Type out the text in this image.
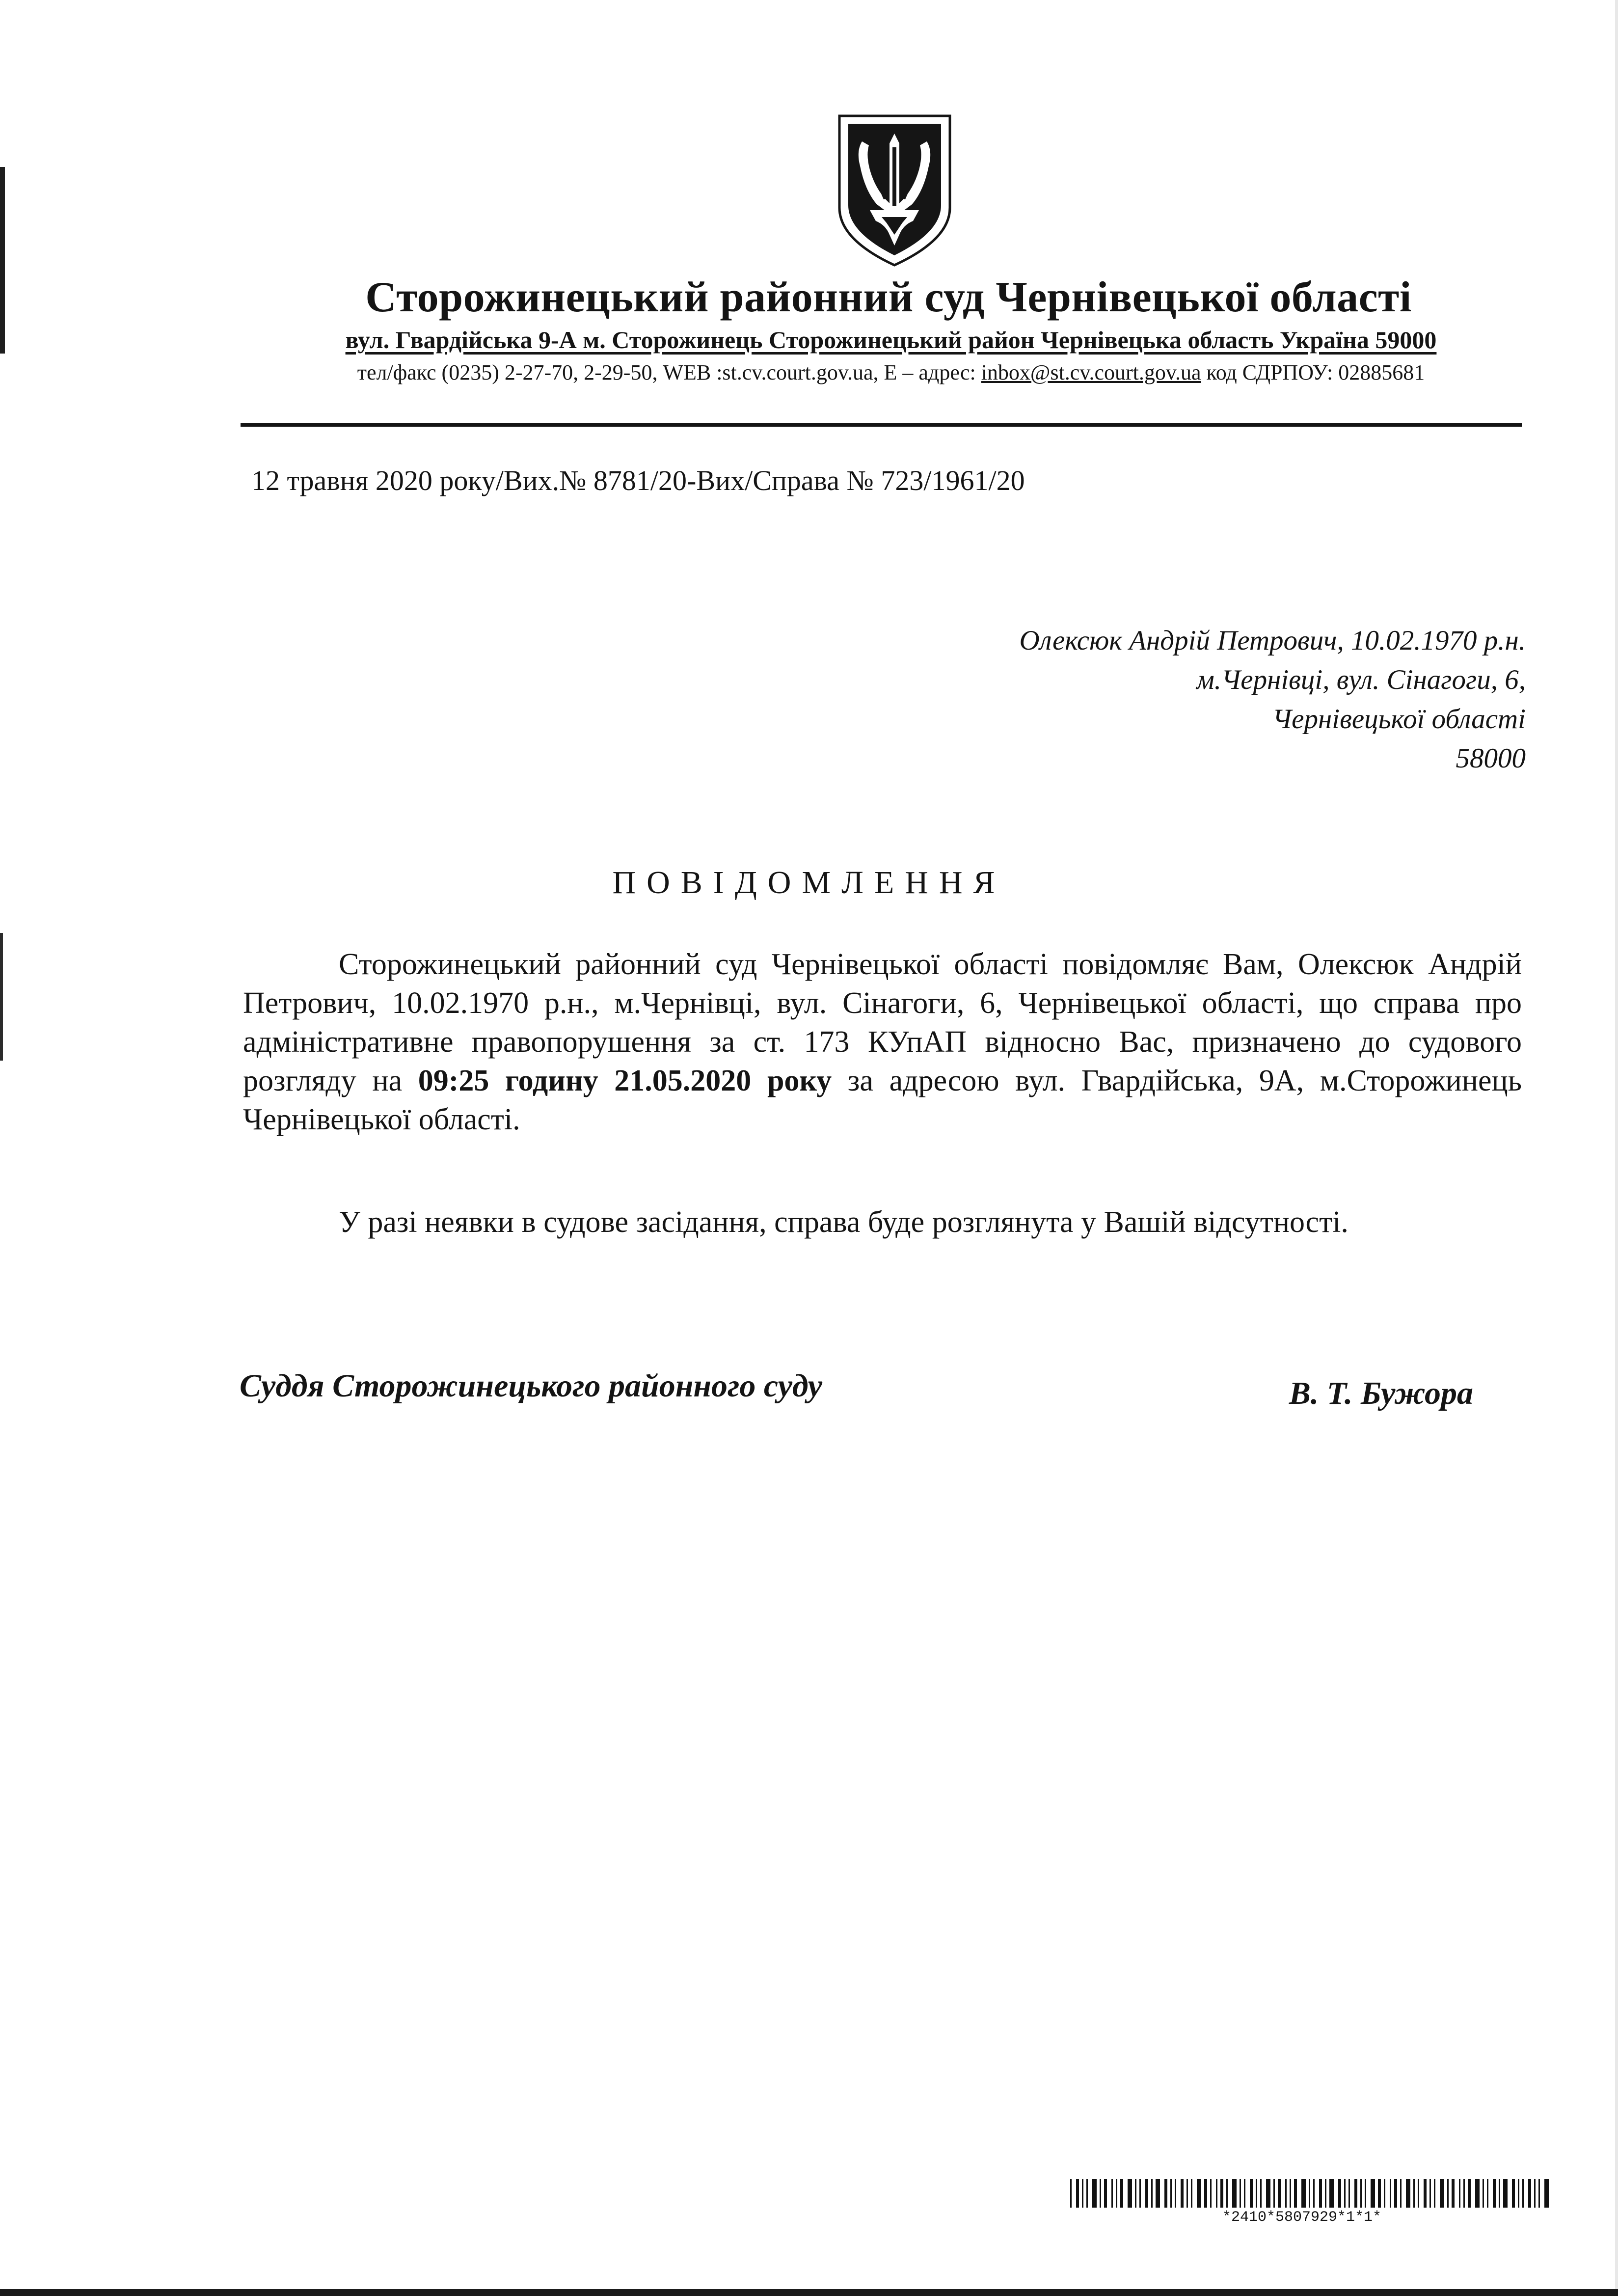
Сторожинецький районний суд Чернівецької області
вул. Гвардійська 9-А м. Сторожинець Сторожинецький район Чернівецька область Україна 59000
тел/факс (0235) 2-27-70, 2-29-50, WEB :st.cv.court.gov.ua, E – адрес: inbox@st.cv.court.gov.ua код СДРПОУ: 02885681
12 травня 2020 року/Вих.№ 8781/20-Вих/Справа № 723/1961/20
Олексюк Андрій Петрович, 10.02.1970 р.н.
м.Чернівці, вул. Сінагоги, 6,
Чернівецької області
58000
ПОВІДОМЛЕННЯ

Сторожинецький районний суд Чернівецької області повідомляє Вам, Олексюк Андрій Петрович, 10.02.1970 р.н., м.Чернівці, вул. Сінагоги, 6, Чернівецької області, що справа про адміністративне правопорушення за ст. 173 КУпАП відносно Вас, призначено до судового розгляду на 09:25 годину 21.05.2020 року за адресою вул. Гвардійська, 9А, м.Сторожинець Чернівецької області.

У разі неявки в судове засідання, справа буде розглянута у Вашій відсутності.

Суддя Сторожинецького районного суду	В. Т. Бужора
*2410*5807929*1*1*
